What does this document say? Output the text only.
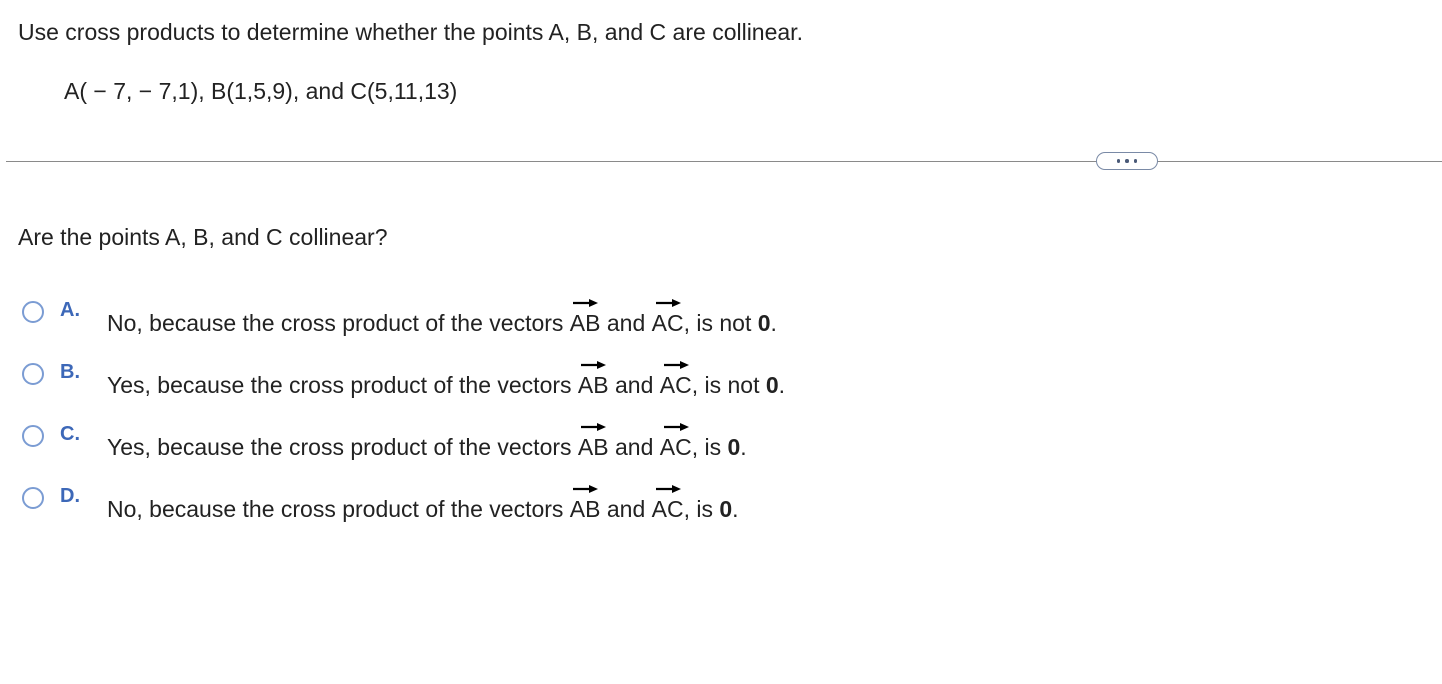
Use cross products to determine whether the points A, B, and C are collinear.
A( − 7, − 7,1), B(1,5,9), and C(5,11,13)
Are the points A, B, and C collinear?
A. No, because the cross product of the vectors
AB and
AC, is not 0.
B. Yes, because the cross product of the vectors
AB and
AC, is not 0.
C. Yes, because the cross product of the vectors
AB and
AC, is 0.
D. No, because the cross product of the vectors
AB and
AC, is 0.
